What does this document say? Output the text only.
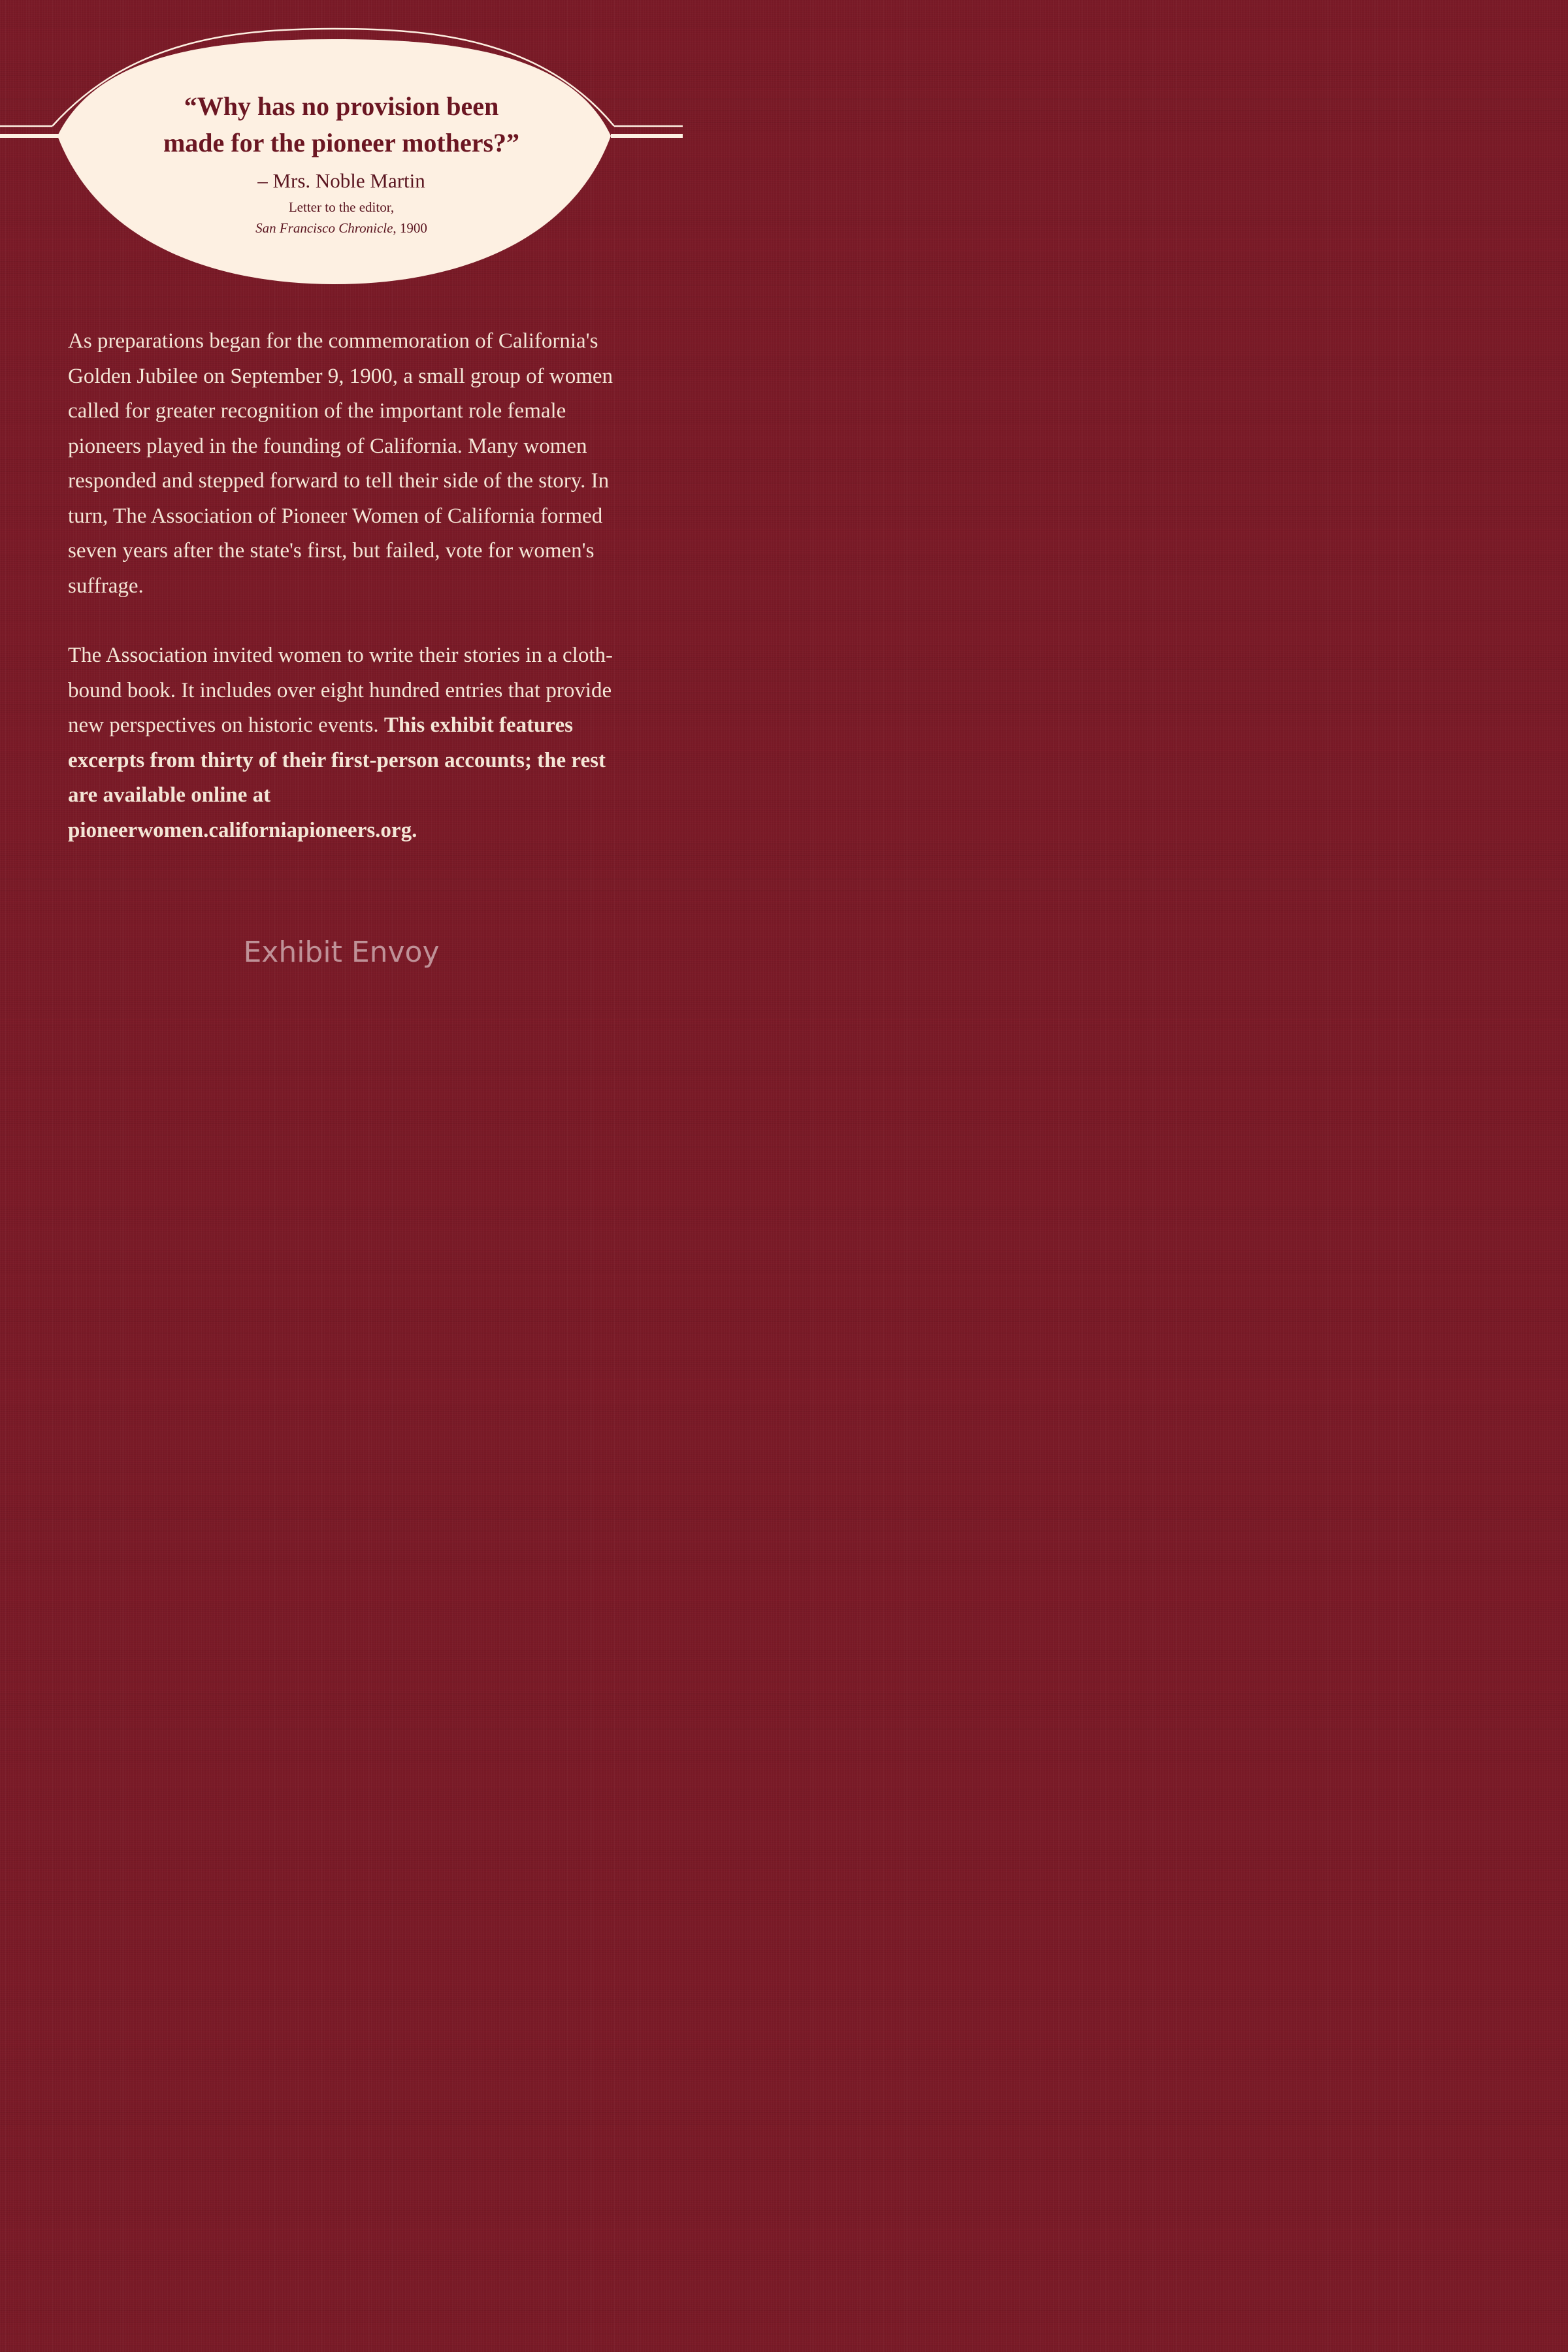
“Why has no provision been
made for the pioneer mothers?”
– Mrs. Noble Martin
Letter to the editor,
San Francisco Chronicle, 1900

As preparations began for the commemoration of California's Golden Jubilee on September 9, 1900, a small group of women called for greater recognition of the important role female pioneers played in the founding of California. Many women responded and stepped forward to tell their side of the story. In turn, The Association of Pioneer Women of California formed seven years after the state's first, but failed, vote for women's suffrage.

The Association invited women to write their stories in a cloth-bound book. It includes over eight hundred entries that provide new perspectives on historic events. This exhibit features excerpts from thirty of their first-person accounts; the rest are available online at pioneerwomen.californiapioneers.org.

Exhibit Envoy
